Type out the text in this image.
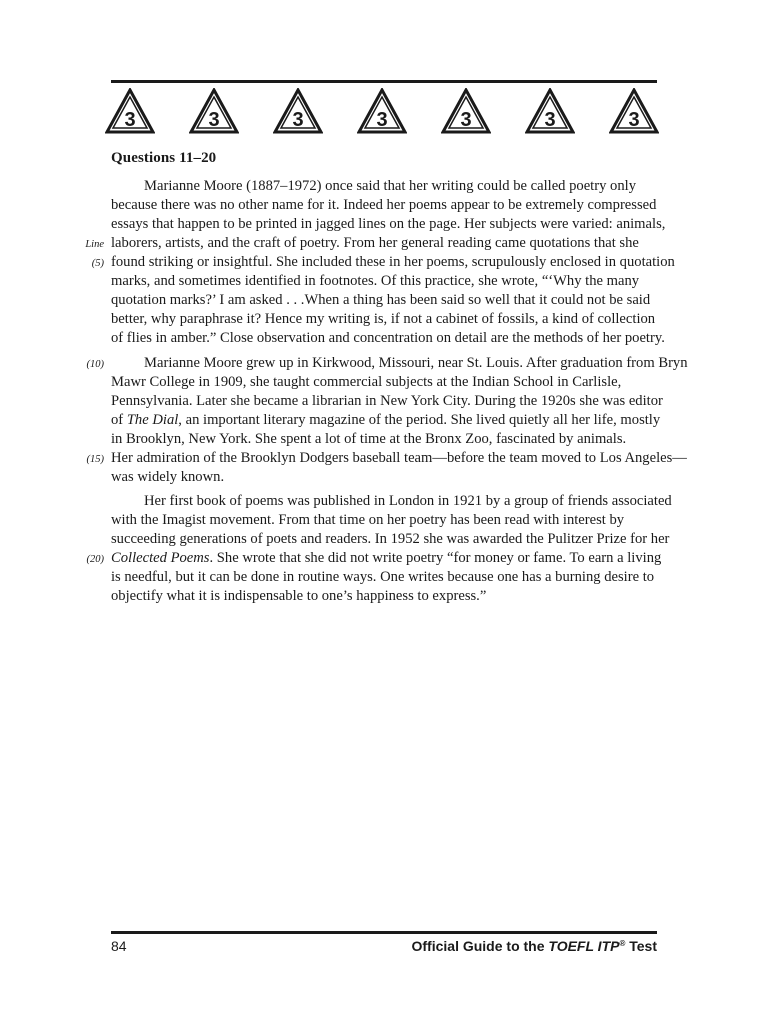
3	3	3	3	3	3	3
Questions 11–20
Marianne Moore (1887–1972) once said that her writing could be called poetry only
because there was no other name for it. Indeed her poems appear to be extremely compressed
essays that happen to be printed in jagged lines on the page. Her subjects were varied: animals,
Line laborers, artists, and the craft of poetry. From her general reading came quotations that she
(5) found striking or insightful. She included these in her poems, scrupulously enclosed in quotation
marks, and sometimes identified in footnotes. Of this practice, she wrote, “‘Why the many
quotation marks?’ I am asked . . .When a thing has been said so well that it could not be said
better, why paraphrase it? Hence my writing is, if not a cabinet of fossils, a kind of collection
of flies in amber.” Close observation and concentration on detail are the methods of her poetry.
(10)	Marianne Moore grew up in Kirkwood, Missouri, near St. Louis. After graduation from Bryn
Mawr College in 1909, she taught commercial subjects at the Indian School in Carlisle,
Pennsylvania. Later she became a librarian in New York City. During the 1920s she was editor
of The Dial, an important literary magazine of the period. She lived quietly all her life, mostly
in Brooklyn, New York. She spent a lot of time at the Bronx Zoo, fascinated by animals.
(15) Her admiration of the Brooklyn Dodgers baseball team—before the team moved to Los Angeles—
was widely known.
Her first book of poems was published in London in 1921 by a group of friends associated
with the Imagist movement. From that time on her poetry has been read with interest by
succeeding generations of poets and readers. In 1952 she was awarded the Pulitzer Prize for her
(20) Collected Poems. She wrote that she did not write poetry “for money or fame. To earn a living
is needful, but it can be done in routine ways. One writes because one has a burning desire to
objectify what it is indispensable to one’s happiness to express.”
84	Official Guide to the TOEFL ITP® Test
